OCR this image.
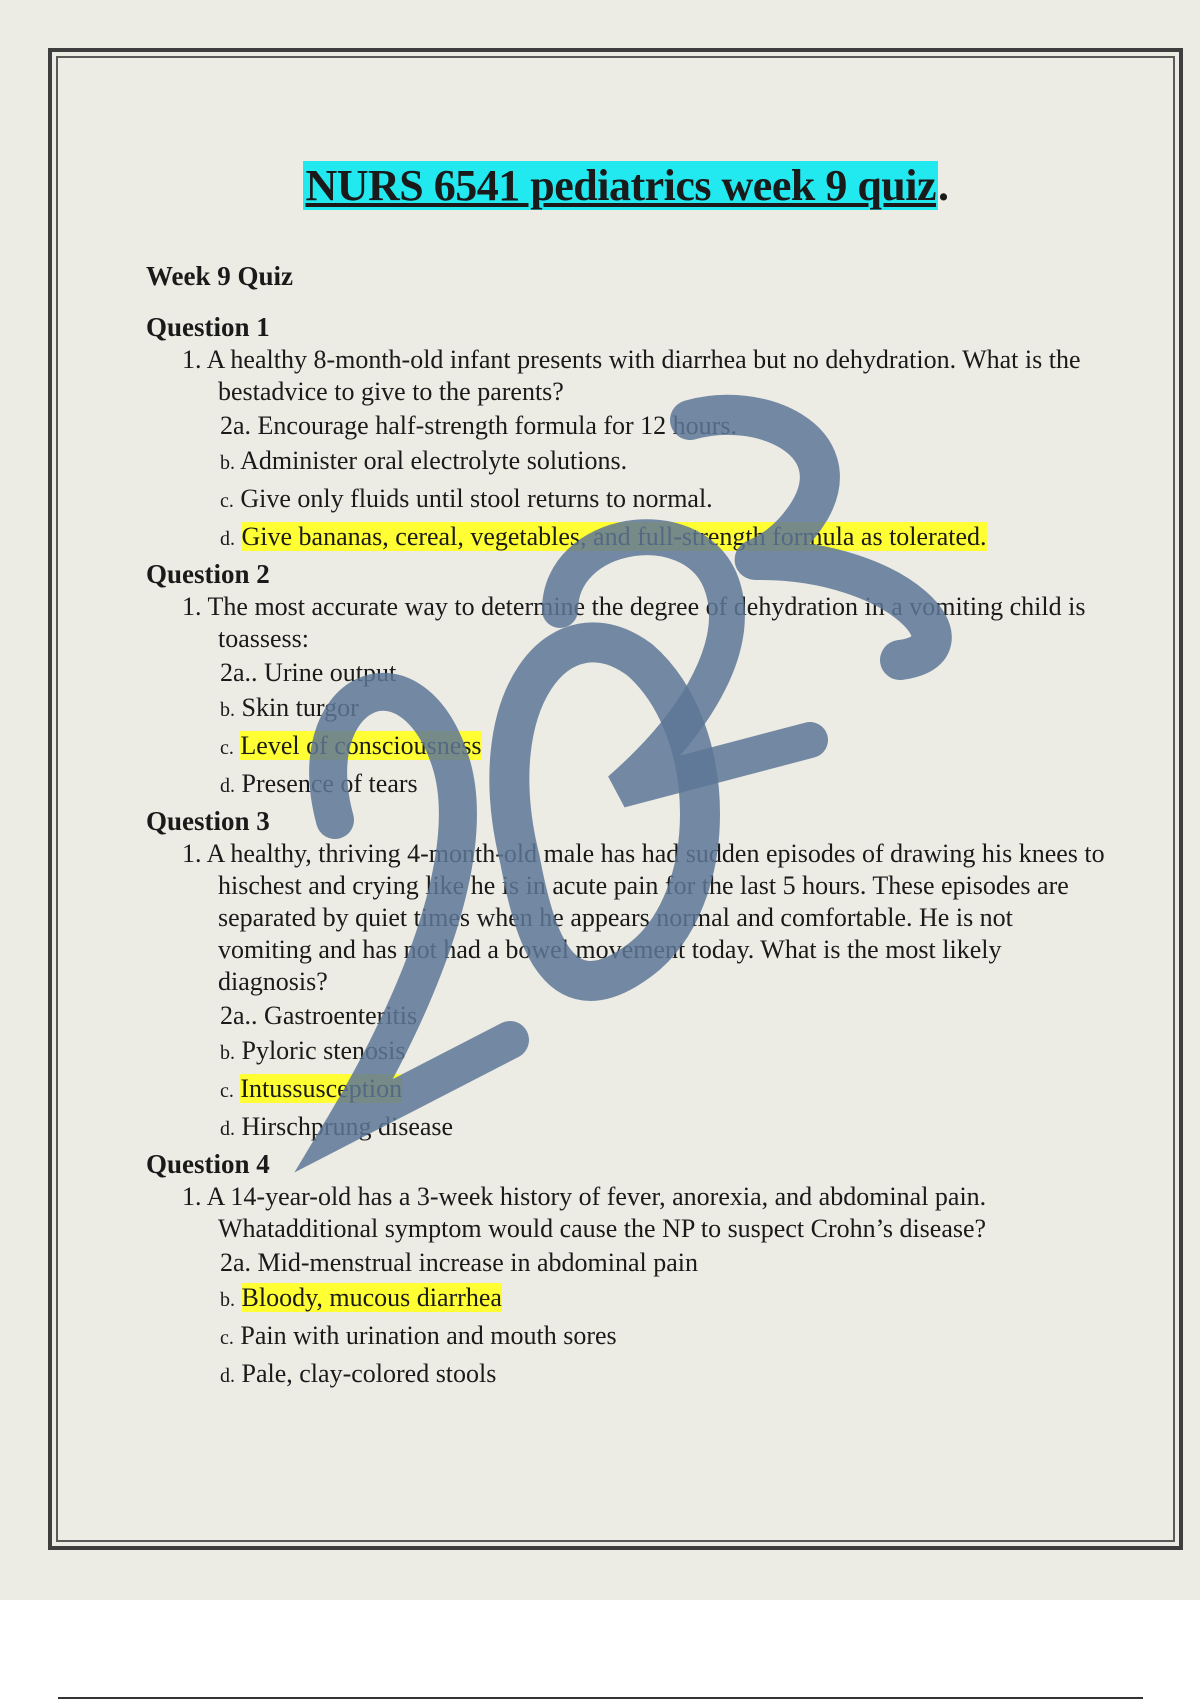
NURS 6541 pediatrics week 9 quiz.
Week 9 Quiz
Question 1
1. A healthy 8-month-old infant presents with diarrhea but no dehydration. What is the bestadvice to give to the parents?
2a. Encourage half-strength formula for 12 hours.
b. Administer oral electrolyte solutions.
c. Give only fluids until stool returns to normal.
d. Give bananas, cereal, vegetables, and full-strength formula as tolerated.
Question 2
1. The most accurate way to determine the degree of dehydration in a vomiting child is toassess:
2a.. Urine output
b. Skin turgor
c. Level of consciousness
d. Presence of tears
Question 3
1. A healthy, thriving 4-month-old male has had sudden episodes of drawing his knees to hischest and crying like he is in acute pain for the last 5 hours. These episodes are separated by quiet times when he appears normal and comfortable. He is not vomiting and has not had a bowel movement today. What is the most likely diagnosis?
2a.. Gastroenteritis
b. Pyloric stenosis
c. Intussusception
d. Hirschprung disease
Question 4
1. A 14-year-old has a 3-week history of fever, anorexia, and abdominal pain. Whatadditional symptom would cause the NP to suspect Crohn’s disease?
2a. Mid-menstrual increase in abdominal pain
b. Bloody, mucous diarrhea
c. Pain with urination and mouth sores
d. Pale, clay-colored stools
